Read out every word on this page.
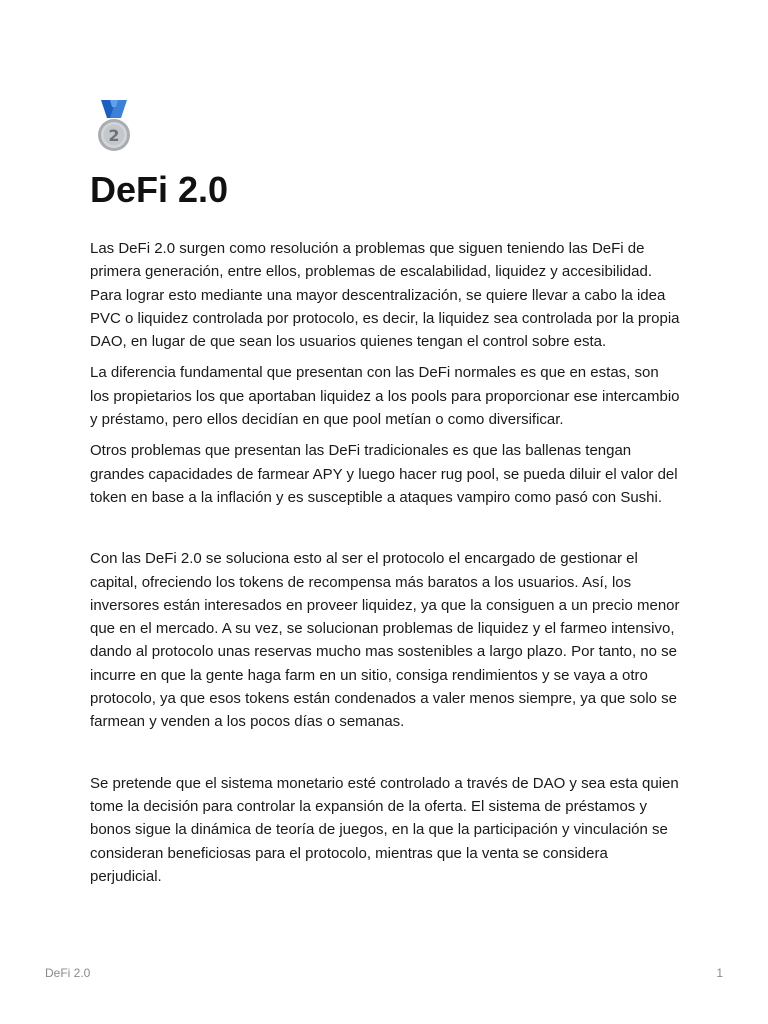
2
DeFi 2.0

Las DeFi 2.0 surgen como resolución a problemas que siguen teniendo las DeFi de primera generación, entre ellos, problemas de escalabilidad, liquidez y accesibilidad. Para lograr esto mediante una mayor descentralización, se quiere llevar a cabo la idea PVC o liquidez controlada por protocolo, es decir, la liquidez sea controlada por la propia DAO, en lugar de que sean los usuarios quienes tengan el control sobre esta.

La diferencia fundamental que presentan con las DeFi normales es que en estas, son los propietarios los que aportaban liquidez a los pools para proporcionar ese intercambio y préstamo, pero ellos decidían en que pool metían o como diversificar.

Otros problemas que presentan las DeFi tradicionales es que las ballenas tengan grandes capacidades de farmear APY y luego hacer rug pool, se pueda diluir el valor del token en base a la inflación y es susceptible a ataques vampiro como pasó con Sushi.

Con las DeFi 2.0 se soluciona esto al ser el protocolo el encargado de gestionar el capital, ofreciendo los tokens de recompensa más baratos a los usuarios. Así, los inversores están interesados en proveer liquidez, ya que la consiguen a un precio menor que en el mercado. A su vez, se solucionan problemas de liquidez y el farmeo intensivo, dando al protocolo unas reservas mucho mas sostenibles a largo plazo. Por tanto, no se incurre en que la gente haga farm en un sitio, consiga rendimientos y se vaya a otro protocolo, ya que esos tokens están condenados a valer menos siempre, ya que solo se farmean y venden a los pocos días o semanas.

Se pretende que el sistema monetario esté controlado a través de DAO y sea esta quien tome la decisión para controlar la expansión de la oferta. El sistema de préstamos y bonos sigue la dinámica de teoría de juegos, en la que la participación y vinculación se consideran beneficiosas para el protocolo, mientras que la venta se considera perjudicial.

DeFi 2.0	1
